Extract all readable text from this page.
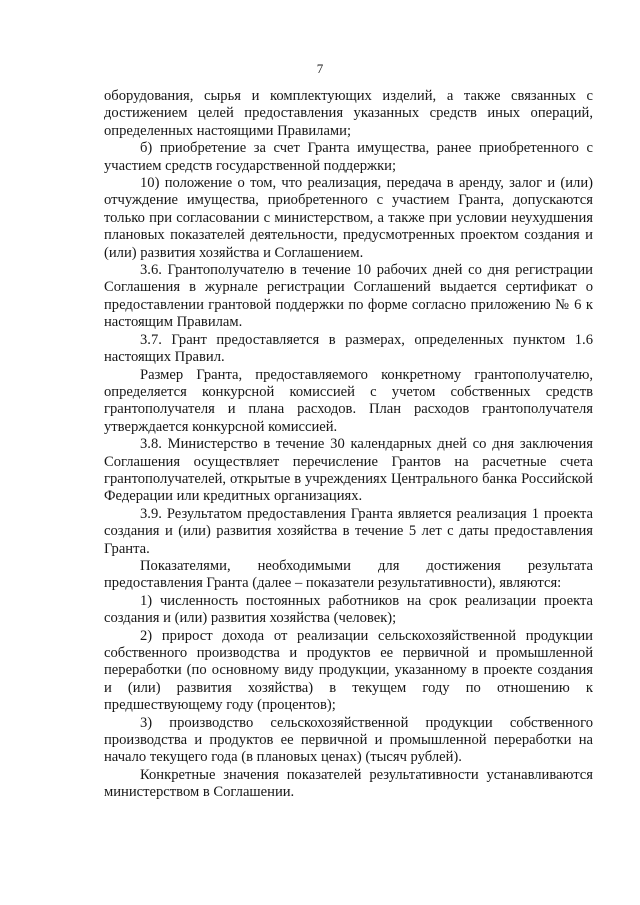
7

оборудования, сырья и комплектующих изделий, а также связанных с достижением целей предоставления указанных средств иных операций, определенных настоящими Правилами;

б) приобретение за счет Гранта имущества, ранее приобретенного с участием средств государственной поддержки;

10) положение о том, что реализация, передача в аренду, залог и (или) отчуждение имущества, приобретенного с участием Гранта, допускаются только при согласовании с министерством, а также при условии неухудшения плановых показателей деятельности, предусмотренных проектом создания и (или) развития хозяйства и Соглашением.

3.6. Грантополучателю в течение 10 рабочих дней со дня регистрации Соглашения в журнале регистрации Соглашений выдается сертификат о предоставлении грантовой поддержки по форме согласно приложению № 6 к настоящим Правилам.

3.7. Грант предоставляется в размерах, определенных пунктом 1.6 настоящих Правил.

Размер Гранта, предоставляемого конкретному грантополучателю, определяется конкурсной комиссией с учетом собственных средств грантополучателя и плана расходов. План расходов грантополучателя утверждается конкурсной комиссией.

3.8. Министерство в течение 30 календарных дней со дня заключения Соглашения осуществляет перечисление Грантов на расчетные счета грантополучателей, открытые в учреждениях Центрального банка Российской Федерации или кредитных организациях.

3.9. Результатом предоставления Гранта является реализация 1 проекта создания и (или) развития хозяйства в течение 5 лет с даты предоставления Гранта.

Показателями, необходимыми для достижения результата предоставления Гранта (далее – показатели результативности), являются:

1) численность постоянных работников на срок реализации проекта создания и (или) развития хозяйства (человек);

2) прирост дохода от реализации сельскохозяйственной продукции собственного производства и продуктов ее первичной и промышленной переработки (по основному виду продукции, указанному в проекте создания и (или) развития хозяйства) в текущем году по отношению к предшествующему году (процентов);

3) производство сельскохозяйственной продукции собственного производства и продуктов ее первичной и промышленной переработки на начало текущего года (в плановых ценах) (тысяч рублей).

Конкретные значения показателей результативности устанавливаются министерством в Соглашении.
